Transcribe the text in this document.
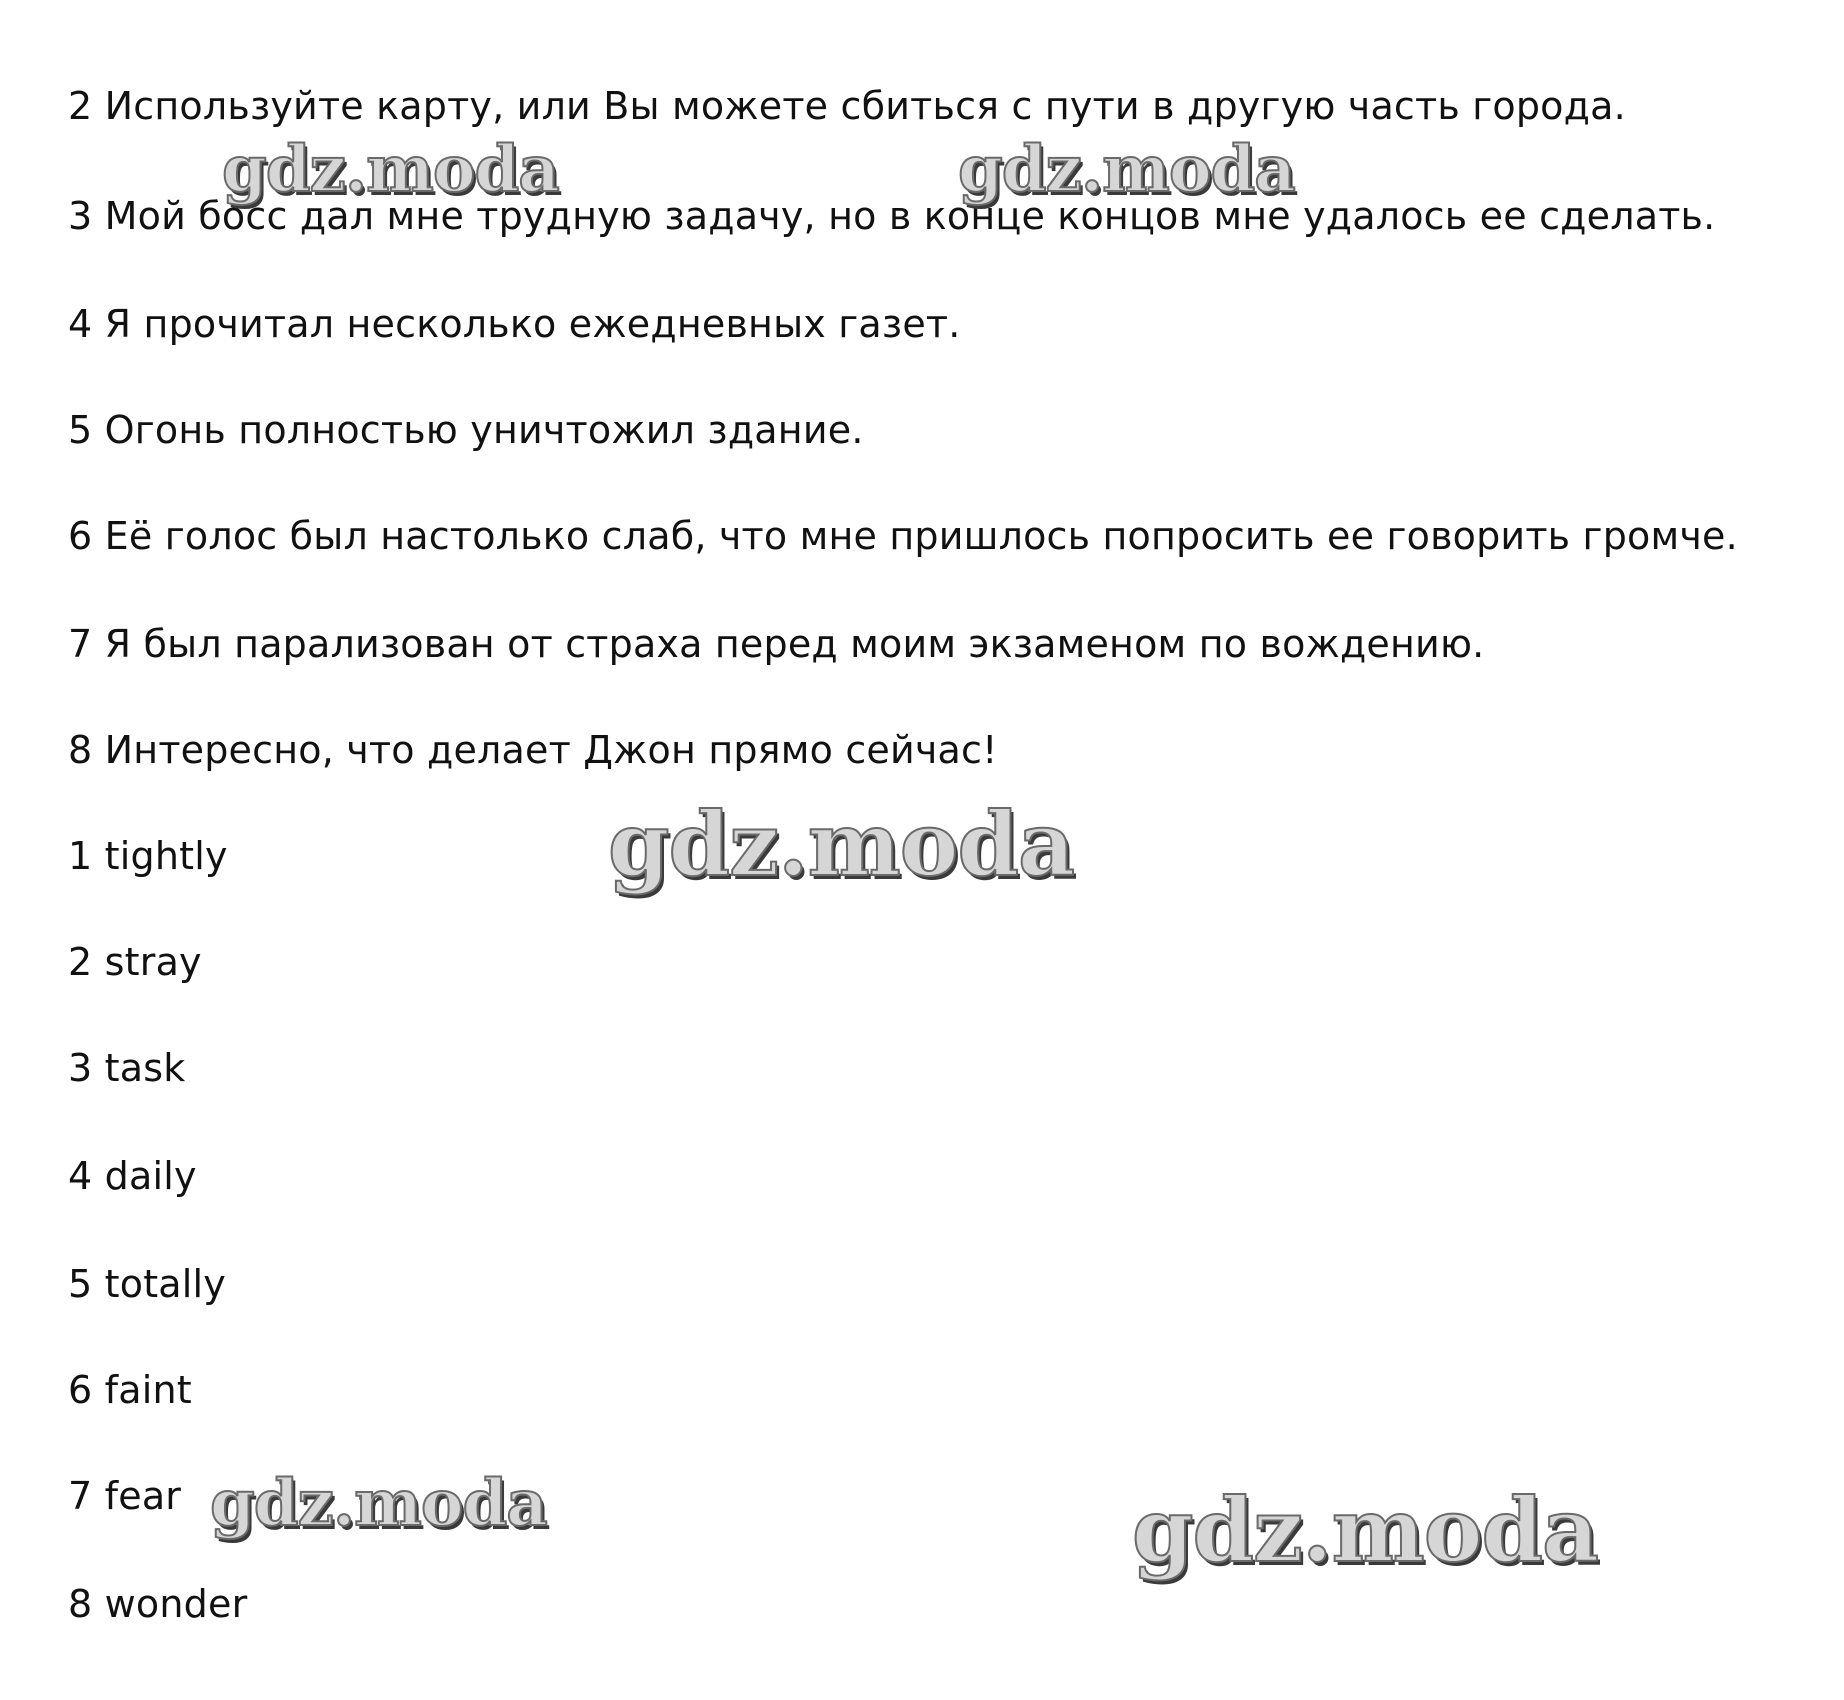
2 Используйте карту, или Вы можете сбиться с пути в другую часть города.
3 Мой босс дал мне трудную задачу, но в конце концов мне удалось ее сделать.
4 Я прочитал несколько ежедневных газет.
5 Огонь полностью уничтожил здание.
6 Её голос был настолько слаб, что мне пришлось попросить ее говорить громче.
7 Я был парализован от страха перед моим экзаменом по вождению.
8 Интересно, что делает Джон прямо сейчас!
1 tightly
2 stray
3 task
4 daily
5 totally
6 faint
7 fear
8 wonder
gdz.moda	gdz.moda
gdz.moda
gdz.moda	gdz.moda
